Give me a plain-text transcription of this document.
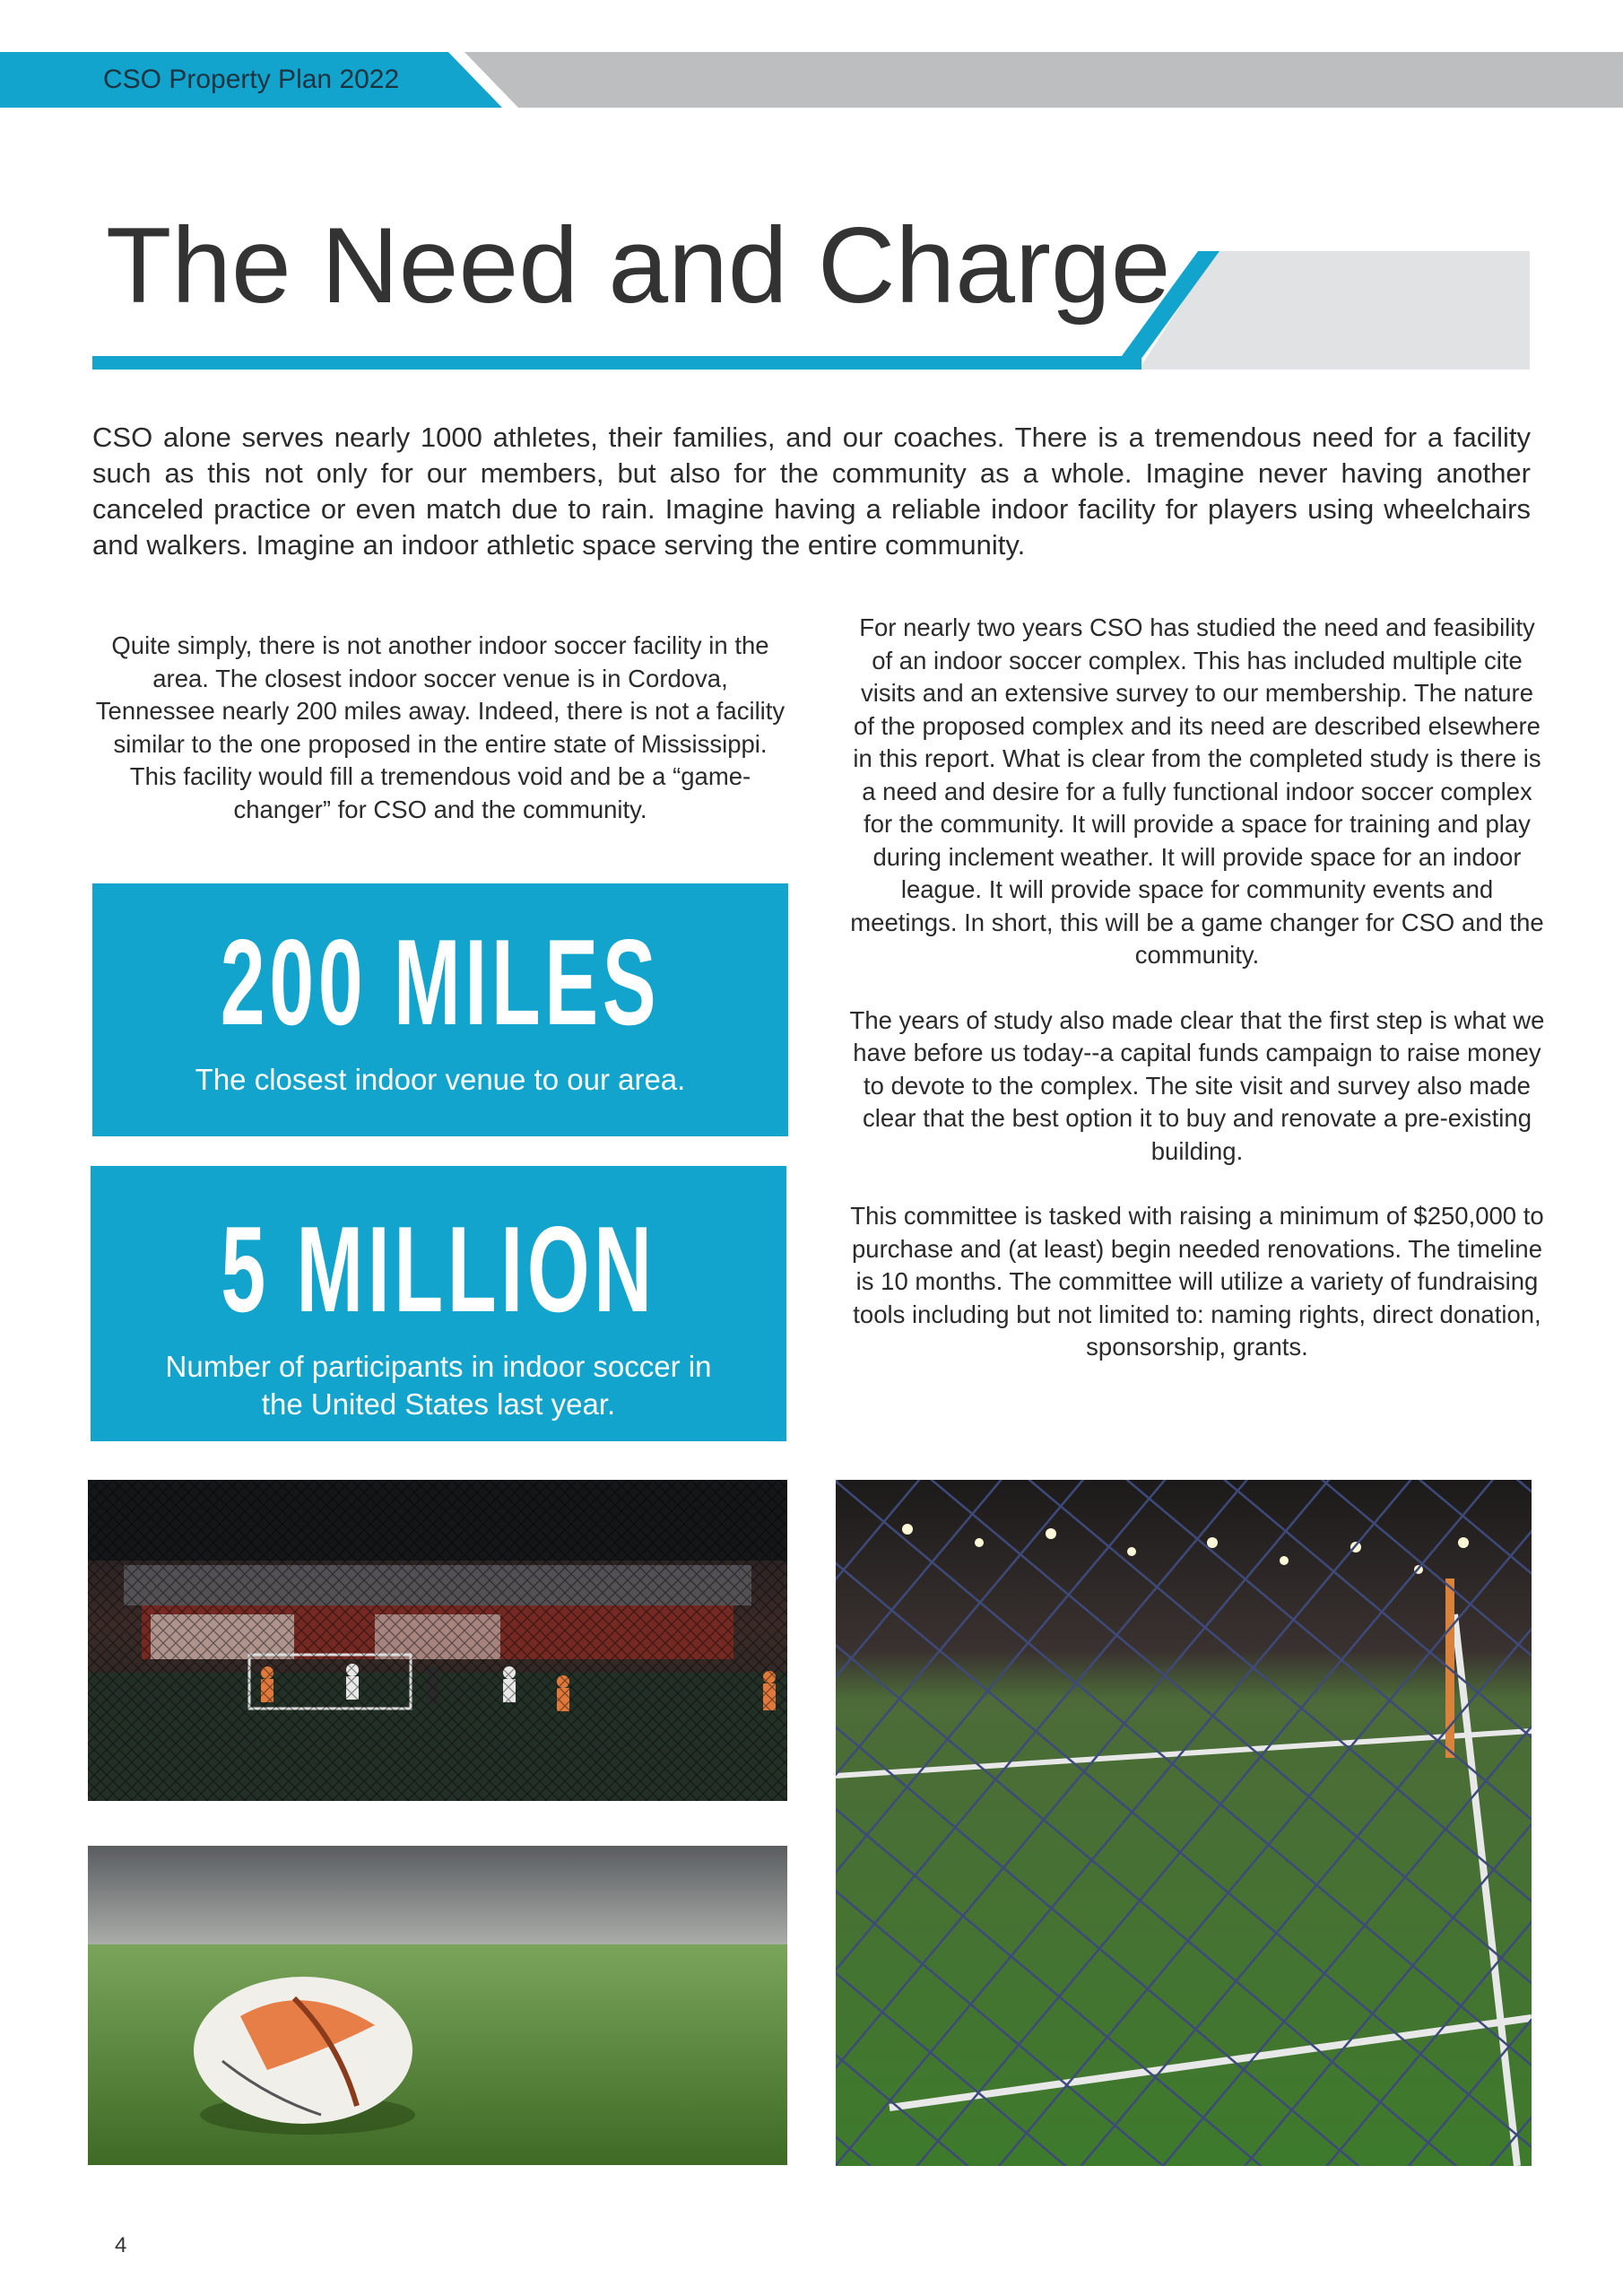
CSO Property Plan 2022
The Need and Charge
CSO alone serves nearly 1000 athletes, their families, and our coaches. There is a tremendous need for a facility such as this not only for our members, but also for the community as a whole. Imagine never having another canceled practice or even match due to rain. Imagine having a reliable indoor facility for players using wheelchairs and walkers. Imagine an indoor athletic space serving the entire community.
Quite simply, there is not another indoor soccer facility in the area. The closest indoor soccer venue is in Cordova, Tennessee nearly 200 miles away. Indeed, there is not a facility similar to the one proposed in the entire state of Mississippi. This facility would fill a tremendous void and be a “game-changer” for CSO and the community.
200 MILES
The closest indoor venue to our area.
5 MILLION
Number of participants in indoor soccer in the United States last year.

For nearly two years CSO has studied the need and feasibility of an indoor soccer complex. This has included multiple cite visits and an extensive survey to our membership. The nature of the proposed complex and its need are described elsewhere in this report. What is clear from the completed study is there is a need and desire for a fully functional indoor soccer complex for the community. It will provide a space for training and play during inclement weather. It will provide space for an indoor league. It will provide space for community events and meetings. In short, this will be a game changer for CSO and the community.

The years of study also made clear that the first step is what we have before us today--a capital funds campaign to raise money to devote to the complex. The site visit and survey also made clear that the best option it to buy and renovate a pre-existing building.

This committee is tasked with raising a minimum of $250,000 to purchase and (at least) begin needed renovations. The timeline is 10 months. The committee will utilize a variety of fundraising tools including but not limited to: naming rights, direct donation, sponsorship, grants.

4
